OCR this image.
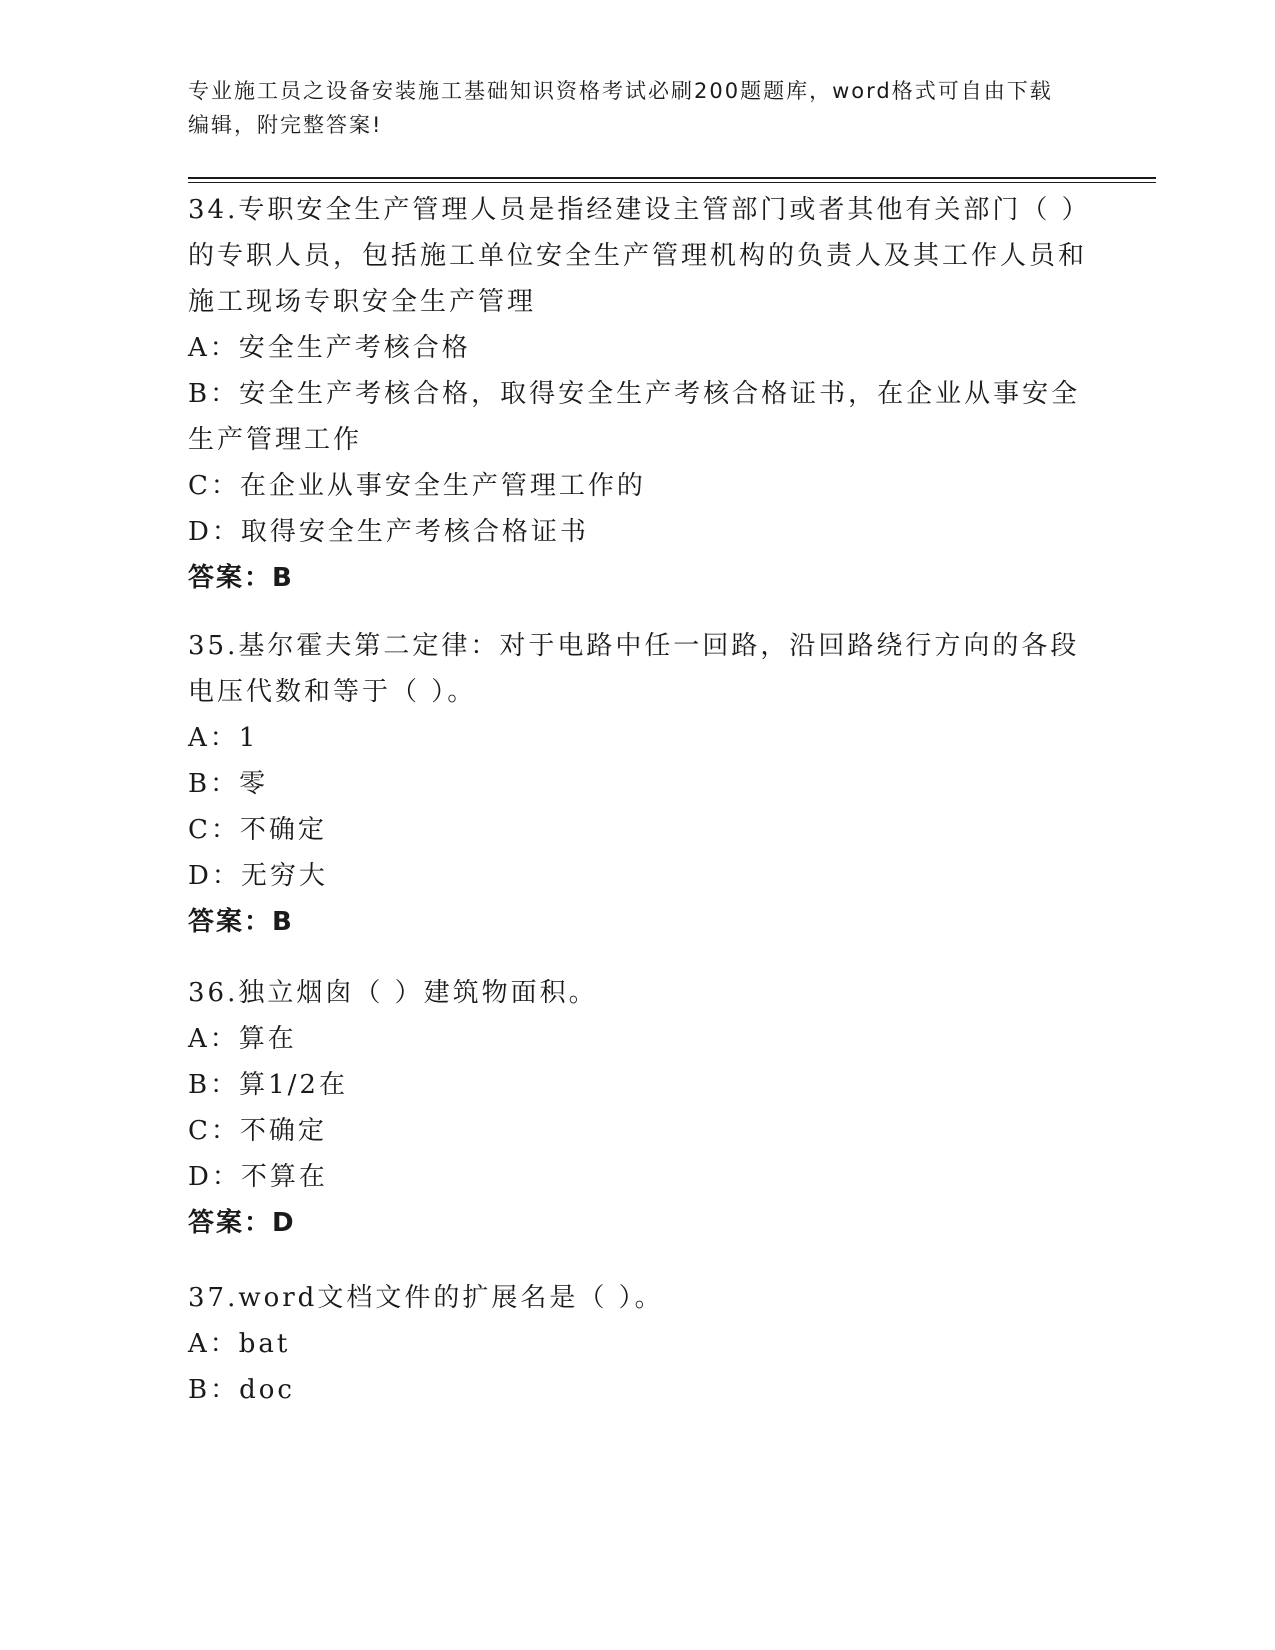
专业施工员之设备安装施工基础知识资格考试必刷200题题库，word格式可自由下载编辑，附完整答案!

34.专职安全生产管理人员是指经建设主管部门或者其他有关部门（ ）的专职人员，包括施工单位安全生产管理机构的负责人及其工作人员和施工现场专职安全生产管理

A：安全生产考核合格

B：安全生产考核合格，取得安全生产考核合格证书，在企业从事安全生产管理工作

C：在企业从事安全生产管理工作的

D：取得安全生产考核合格证书

答案：B

35.基尔霍夫第二定律：对于电路中任一回路，沿回路绕行方向的各段电压代数和等于（ ）。

A：1

B：零

C：不确定

D：无穷大

答案：B

36.独立烟囱（ ）建筑物面积。

A：算在

B：算1/2在

C：不确定

D：不算在

答案：D

37.word文档文件的扩展名是（ ）。

A：bat

B：doc
